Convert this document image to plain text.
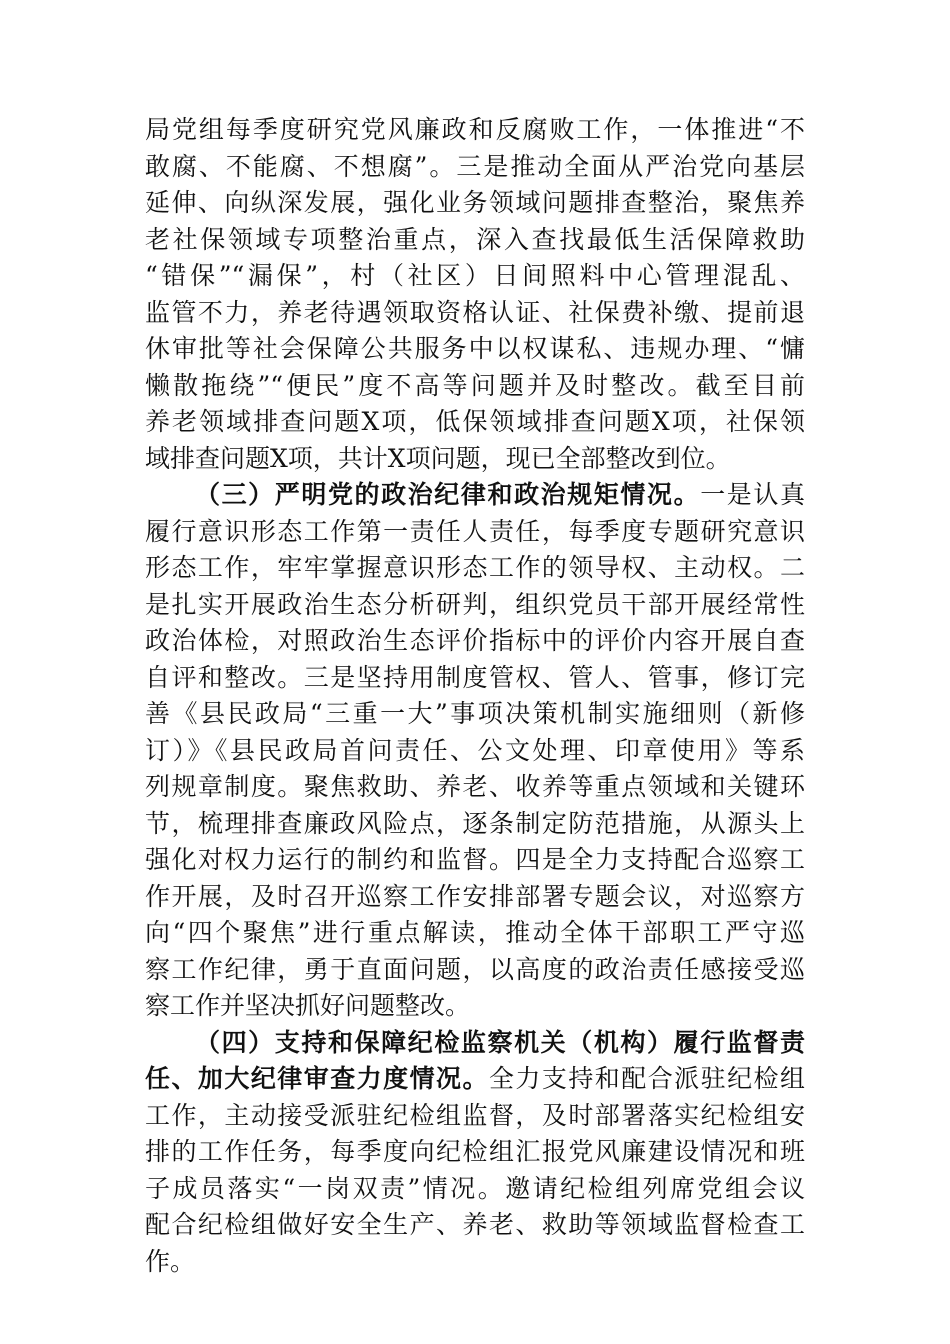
局党组每季度研究党风廉政和反腐败工作，一体推进“不
敢腐、不能腐、不想腐”。三是推动全面从严治党向基层
延伸、向纵深发展，强化业务领域问题排查整治，聚焦养
老社保领域专项整治重点，深入查找最低生活保障救助
“错保”“漏保”，村（社区）日间照料中心管理混乱、
监管不力，养老待遇领取资格认证、社保费补缴、提前退
休审批等社会保障公共服务中以权谋私、违规办理、“慵
懒散拖绕”“便民”度不高等问题并及时整改。截至目前
养老领域排查问题X项，低保领域排查问题X项，社保领
域排查问题X项，共计X项问题，现已全部整改到位。
（三）严明党的政治纪律和政治规矩情况。一是认真
履行意识形态工作第一责任人责任，每季度专题研究意识
形态工作，牢牢掌握意识形态工作的领导权、主动权。二
是扎实开展政治生态分析研判，组织党员干部开展经常性
政治体检，对照政治生态评价指标中的评价内容开展自查
自评和整改。三是坚持用制度管权、管人、管事，修订完
善《县民政局“三重一大”事项决策机制实施细则（新修
订）》《县民政局首问责任、公文处理、印章使用》等系
列规章制度。聚焦救助、养老、收养等重点领域和关键环
节，梳理排查廉政风险点，逐条制定防范措施，从源头上
强化对权力运行的制约和监督。四是全力支持配合巡察工
作开展，及时召开巡察工作安排部署专题会议，对巡察方
向“四个聚焦”进行重点解读，推动全体干部职工严守巡
察工作纪律，勇于直面问题，以高度的政治责任感接受巡
察工作并坚决抓好问题整改。
（四）支持和保障纪检监察机关（机构）履行监督责
任、加大纪律审查力度情况。全力支持和配合派驻纪检组
工作，主动接受派驻纪检组监督，及时部署落实纪检组安
排的工作任务，每季度向纪检组汇报党风廉建设情况和班
子成员落实“一岗双责”情况。邀请纪检组列席党组会议
配合纪检组做好安全生产、养老、救助等领域监督检查工
作。
